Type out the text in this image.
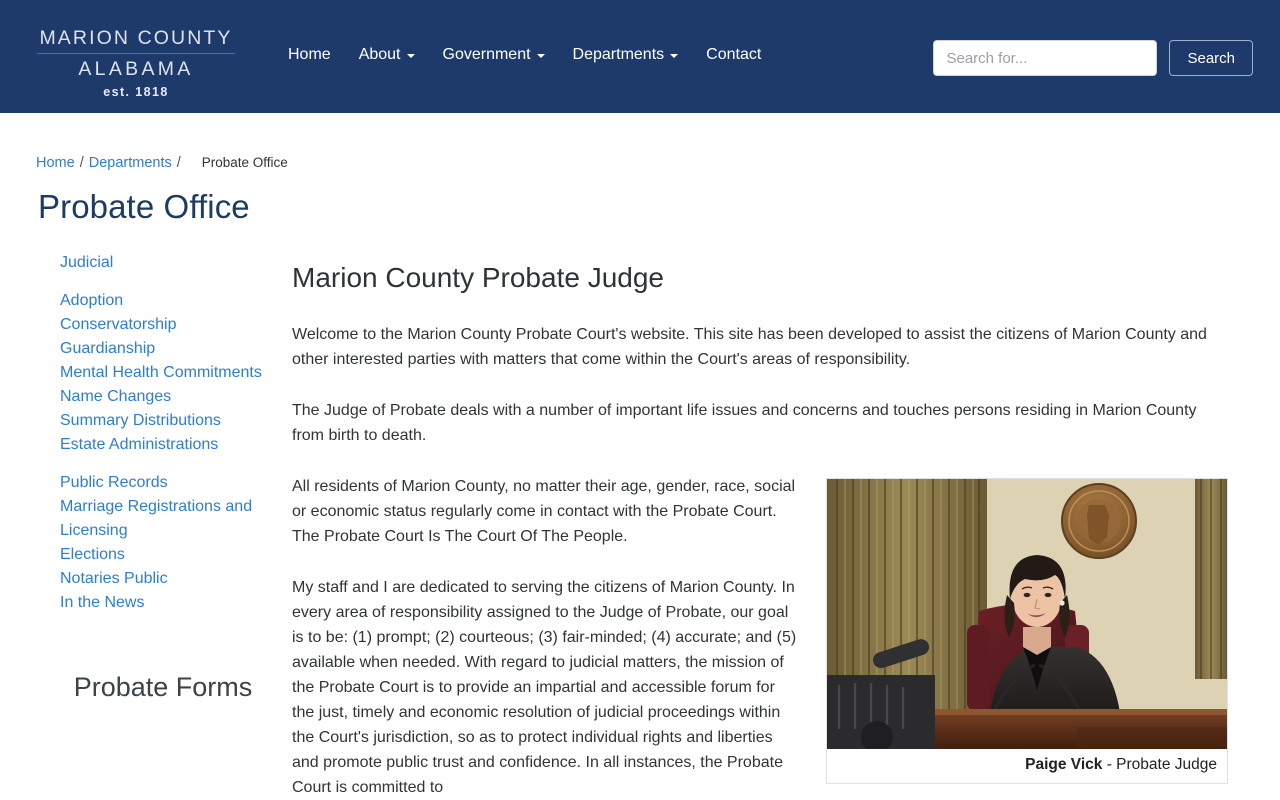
MARION COUNTY
ALABAMA
est. 1818
Home About	Government	Departments	Contact
Search for...	Search
Home / Departments / Probate Office
Probate Office
Judicial
Adoption
Conservatorship
Guardianship
Mental Health Commitments
Name Changes
Summary Distributions
Estate Administrations
Public Records
Marriage Registrations and Licensing
Elections
Notaries Public
In the News
Probate Forms
Marion County Probate Judge

Welcome to the Marion County Probate Court's website. This site has been developed to assist the citizens of Marion County and other interested parties with matters that come within the Court's areas of responsibility.

The Judge of Probate deals with a number of important life issues and concerns and touches persons residing in Marion County from birth to death.

Paige Vick - Probate Judge

All residents of Marion County, no matter their age, gender, race, social or economic status regularly come in contact with the Probate Court. The Probate Court Is The Court Of The People.

My staff and I are dedicated to serving the citizens of Marion County. In every area of responsibility assigned to the Judge of Probate, our goal is to be: (1) prompt; (2) courteous; (3) fair-minded; (4) accurate; and (5) available when needed. With regard to judicial matters, the mission of the Probate Court is to provide an impartial and accessible forum for the just, timely and economic resolution of judicial proceedings within the Court's jurisdiction, so as to protect individual rights and liberties and promote public trust and confidence. In all instances, the Probate Court is committed to
